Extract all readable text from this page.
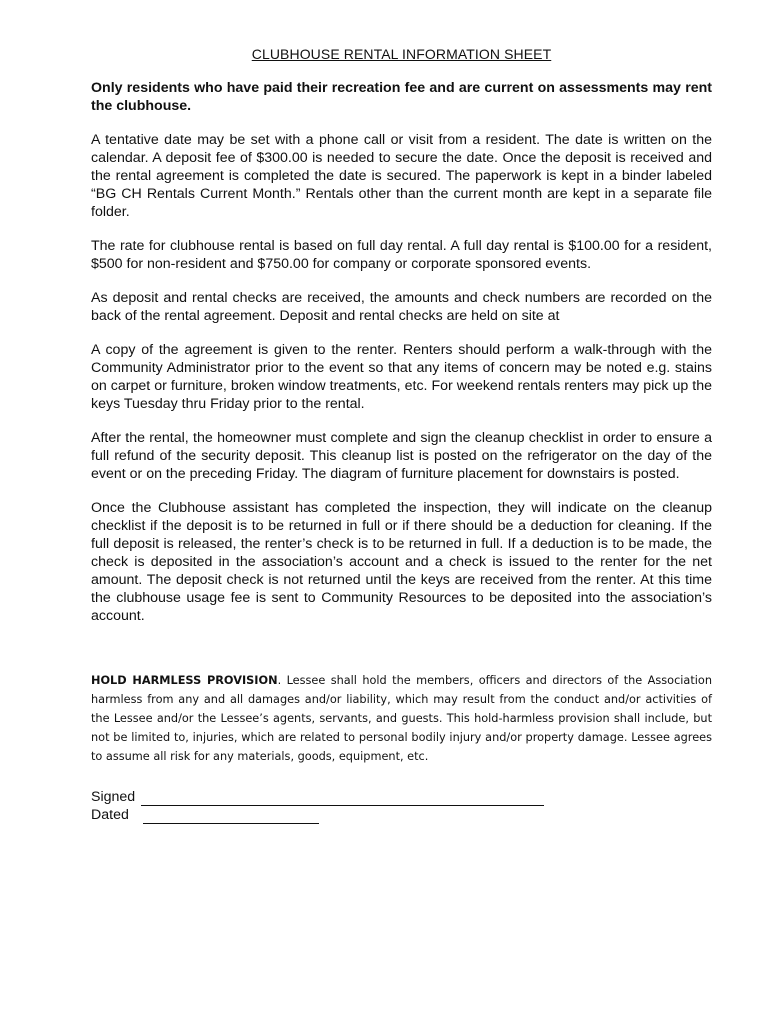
CLUBHOUSE RENTAL INFORMATION SHEET
Only residents who have paid their recreation fee and are current on assessments may rent the clubhouse.
A tentative date may be set with a phone call or visit from a resident. The date is written on the calendar. A deposit fee of $300.00 is needed to secure the date. Once the deposit is received and the rental agreement is completed the date is secured. The paperwork is kept in a binder labeled “BG CH Rentals Current Month.” Rentals other than the current month are kept in a separate file folder.
The rate for clubhouse rental is based on full day rental. A full day rental is $100.00 for a resident, $500 for non-resident and $750.00 for company or corporate sponsored events.
As deposit and rental checks are received, the amounts and check numbers are recorded on the back of the rental agreement. Deposit and rental checks are held on site at
A copy of the agreement is given to the renter. Renters should perform a walk-through with the Community Administrator prior to the event so that any items of concern may be noted e.g. stains on carpet or furniture, broken window treatments, etc. For weekend rentals renters may pick up the keys Tuesday thru Friday prior to the rental.
After the rental, the homeowner must complete and sign the cleanup checklist in order to ensure a full refund of the security deposit. This cleanup list is posted on the refrigerator on the day of the event or on the preceding Friday. The diagram of furniture placement for downstairs is posted.
Once the Clubhouse assistant has completed the inspection, they will indicate on the cleanup checklist if the deposit is to be returned in full or if there should be a deduction for cleaning. If the full deposit is released, the renter’s check is to be returned in full. If a deduction is to be made, the check is deposited in the association’s account and a check is issued to the renter for the net amount. The deposit check is not returned until the keys are received from the renter. At this time the clubhouse usage fee is sent to Community Resources to be deposited into the association’s account.
HOLD HARMLESS PROVISION. Lessee shall hold the members, officers and directors of the Association harmless from any and all damages and/or liability, which may result from the conduct and/or activities of the Lessee and/or the Lessee’s agents, servants, and guests. This hold-harmless provision shall include, but not be limited to, injuries, which are related to personal bodily injury and/or property damage. Lessee agrees to assume all risk for any materials, goods, equipment, etc.
Signed
Dated
